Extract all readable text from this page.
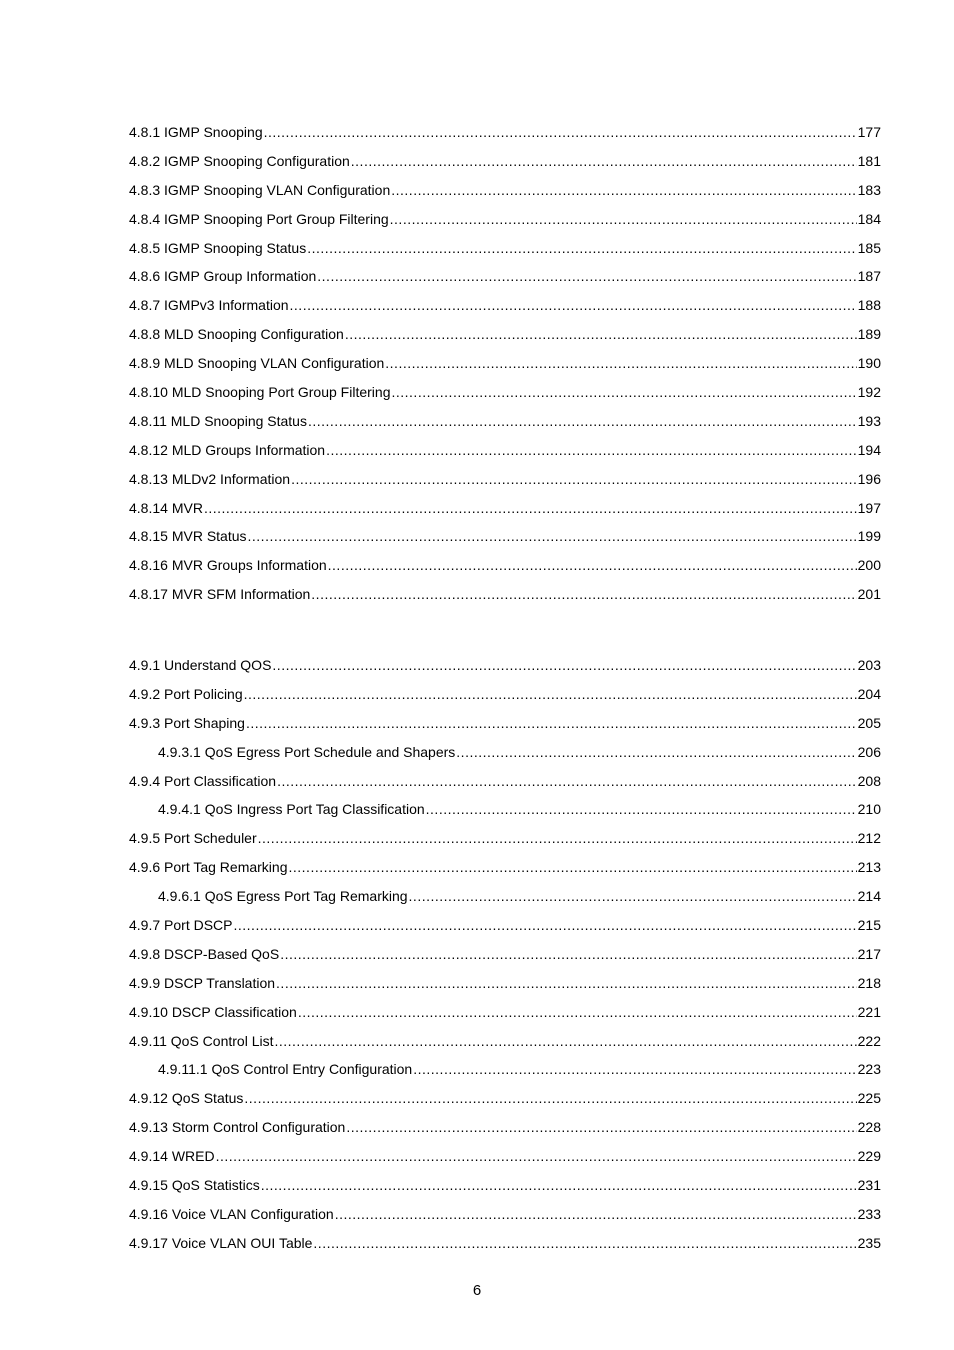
4.8.1 IGMP Snooping .....	177
4.8.2 IGMP Snooping Configuration .....	181
4.8.3 IGMP Snooping VLAN Configuration .....	183
4.8.4 IGMP Snooping Port Group Filtering .....	184
4.8.5 IGMP Snooping Status .....	185
4.8.6 IGMP Group Information .....	187
4.8.7 IGMPv3 Information .....	188
4.8.8 MLD Snooping Configuration .....	189
4.8.9 MLD Snooping VLAN Configuration .....	190
4.8.10 MLD Snooping Port Group Filtering .....	192
4.8.11 MLD Snooping Status .....	193
4.8.12 MLD Groups Information .....	194
4.8.13 MLDv2 Information .....	196
4.8.14 MVR .....	197
4.8.15 MVR Status .....	199
4.8.16 MVR Groups Information .....	200
4.8.17 MVR SFM Information .....	201
4.9.1 Understand QOS .....	203
4.9.2 Port Policing .....	204
4.9.3 Port Shaping .....	205
4.9.3.1 QoS Egress Port Schedule and Shapers .....	206
4.9.4 Port Classification .....	208
4.9.4.1 QoS Ingress Port Tag Classification .....	210
4.9.5 Port Scheduler .....	212
4.9.6 Port Tag Remarking .....	213
4.9.6.1 QoS Egress Port Tag Remarking .....	214
4.9.7 Port DSCP .....	215
4.9.8 DSCP-Based QoS .....	217
4.9.9 DSCP Translation .....	218
4.9.10 DSCP Classification .....	221
4.9.11 QoS Control List .....	222
4.9.11.1 QoS Control Entry Configuration .....	223
4.9.12 QoS Status .....	225
4.9.13 Storm Control Configuration .....	228
4.9.14 WRED .....	229
4.9.15 QoS Statistics .....	231
4.9.16 Voice VLAN Configuration .....	233
4.9.17 Voice VLAN OUI Table .....	235
6
